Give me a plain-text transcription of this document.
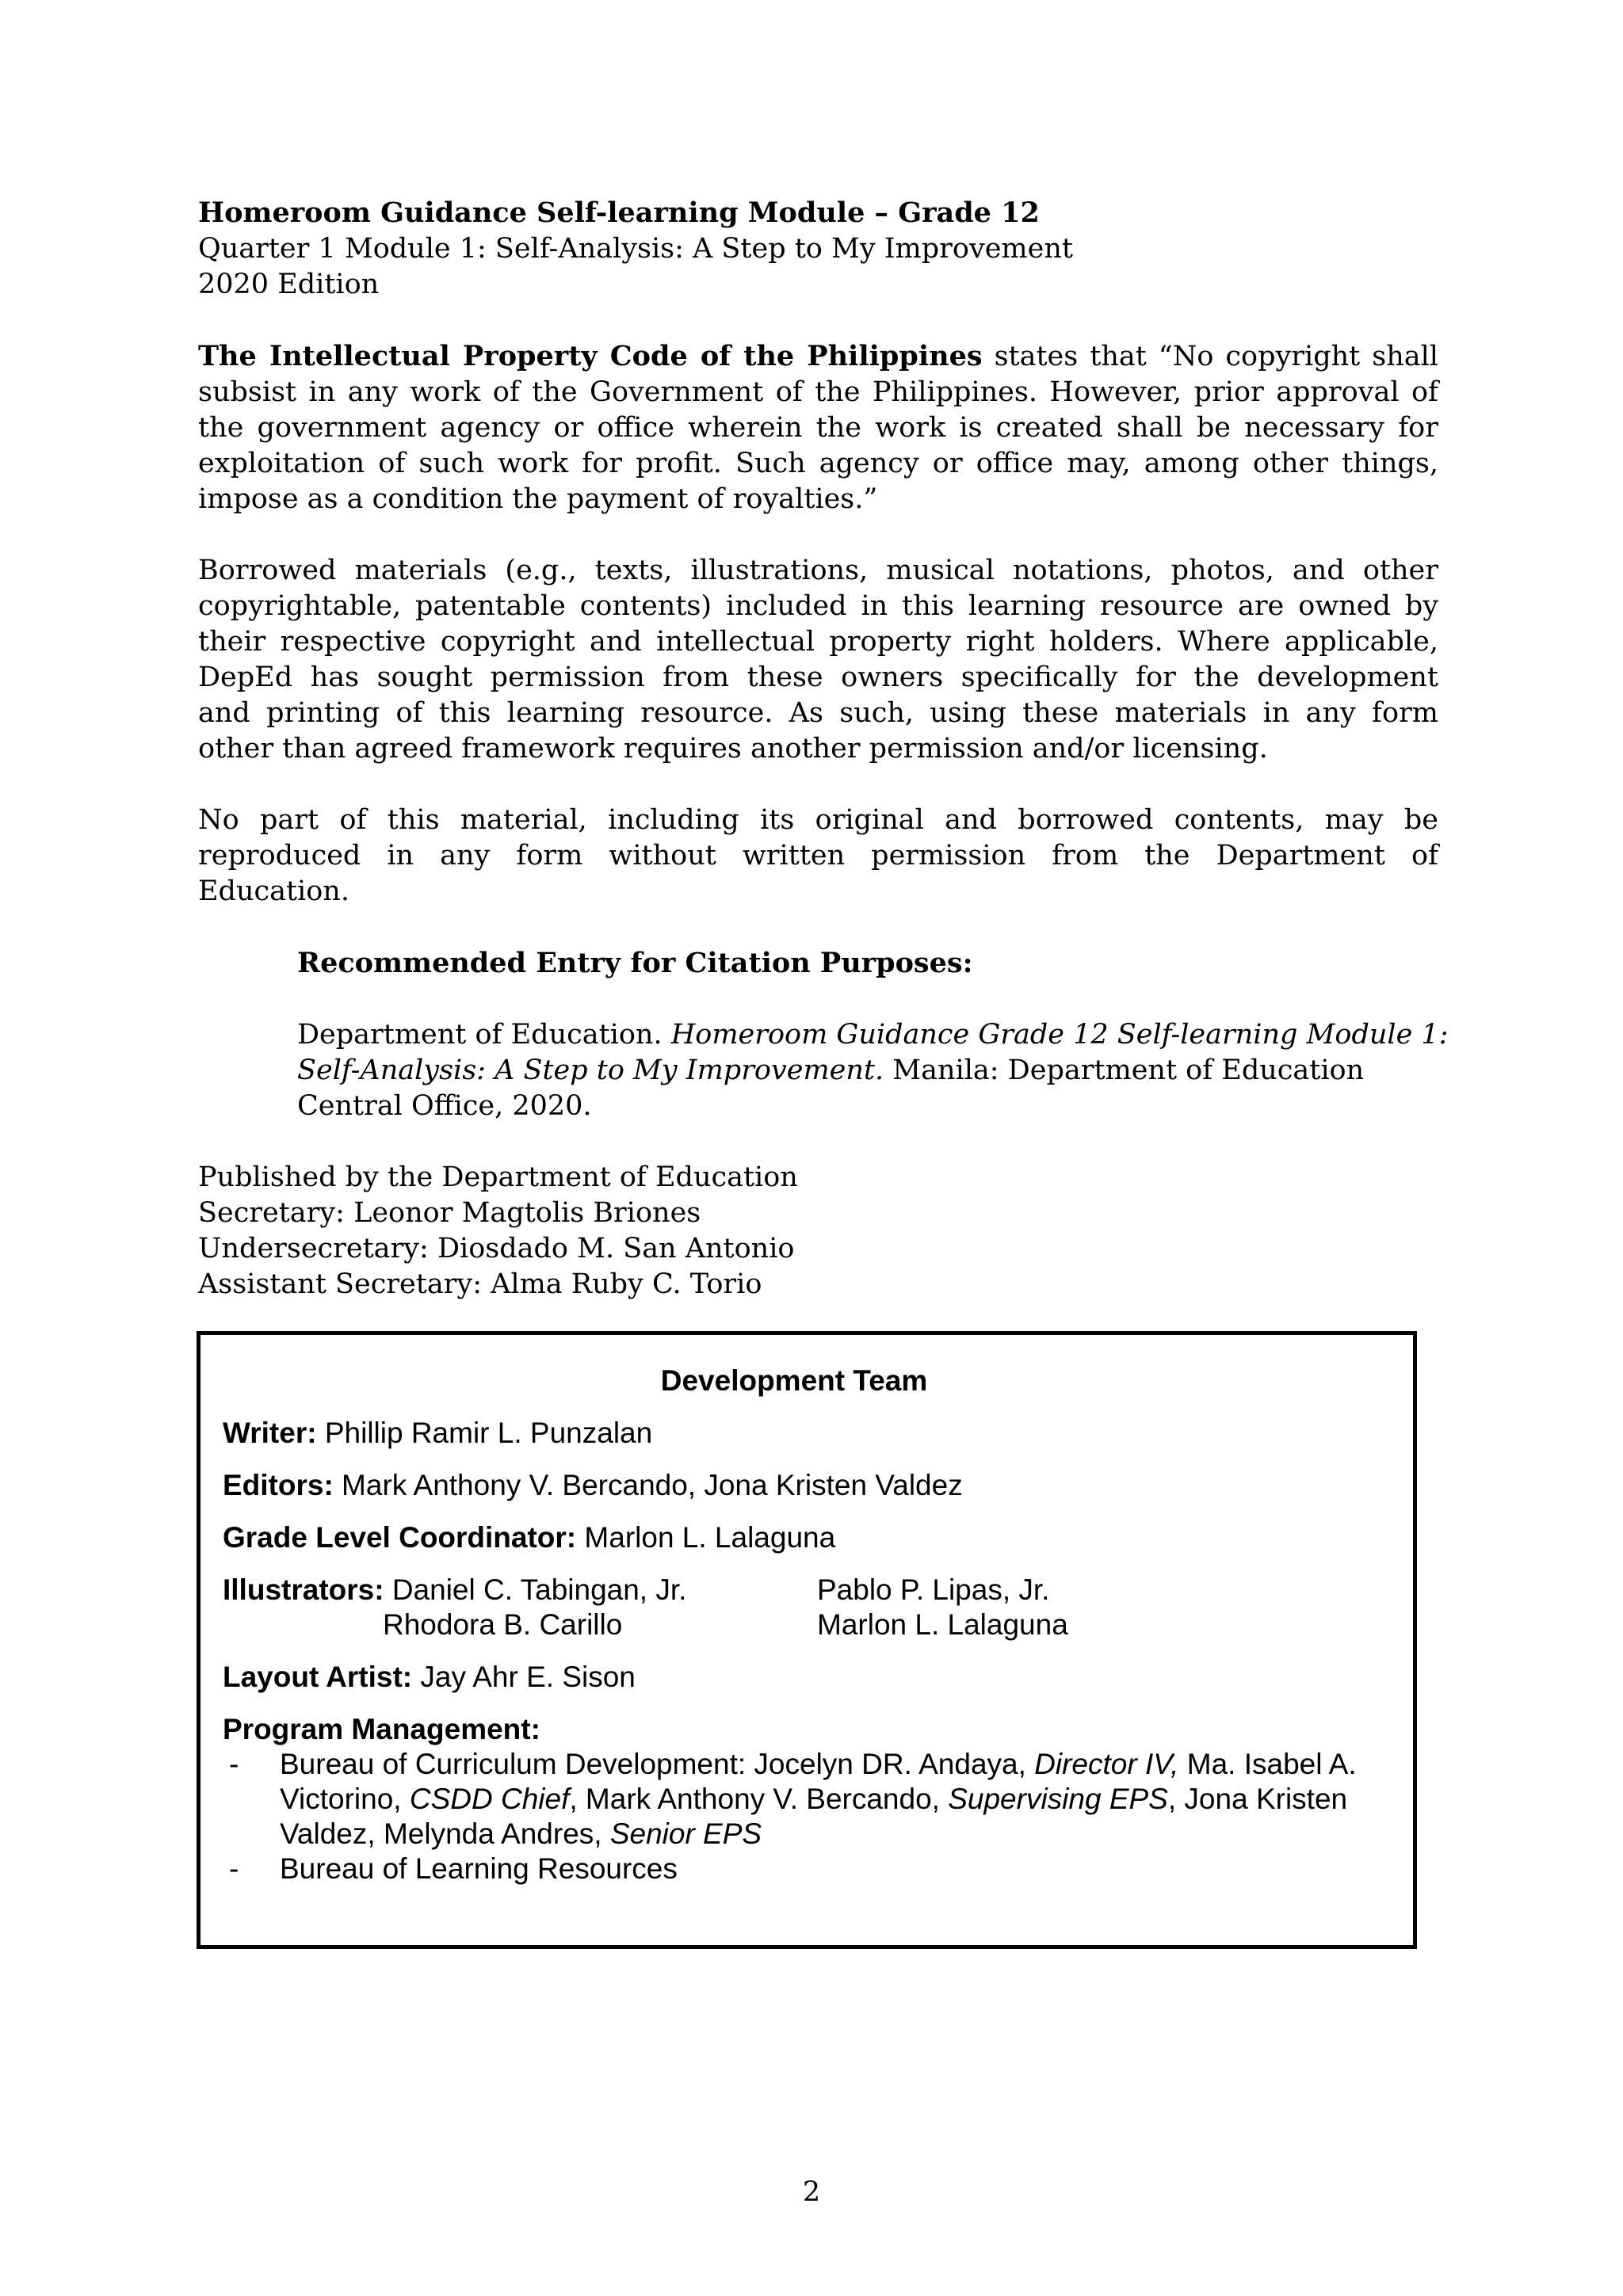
Homeroom Guidance Self-learning Module – Grade 12
Quarter 1 Module 1: Self-Analysis: A Step to My Improvement
2020 Edition
The Intellectual Property Code of the Philippines states that “No copyright shall
subsist in any work of the Government of the Philippines. However, prior approval of
the government agency or office wherein the work is created shall be necessary for
exploitation of such work for profit. Such agency or office may, among other things,
impose as a condition the payment of royalties.”
Borrowed materials (e.g., texts, illustrations, musical notations, photos, and other
copyrightable, patentable contents) included in this learning resource are owned by
their respective copyright and intellectual property right holders. Where applicable,
DepEd has sought permission from these owners specifically for the development
and printing of this learning resource. As such, using these materials in any form
other than agreed framework requires another permission and/or licensing.
No part of this material, including its original and borrowed contents, may be
reproduced in any form without written permission from the Department of
Education.
Recommended Entry for Citation Purposes:
Department of Education. Homeroom Guidance Grade 12 Self-learning Module 1:
Self-Analysis: A Step to My Improvement. Manila: Department of Education
Central Office, 2020.
Published by the Department of Education
Secretary: Leonor Magtolis Briones
Undersecretary: Diosdado M. San Antonio
Assistant Secretary: Alma Ruby C. Torio
Development Team
Writer: Phillip Ramir L. Punzalan
Editors: Mark Anthony V. Bercando, Jona Kristen Valdez
Grade Level Coordinator: Marlon L. Lalaguna
Illustrators: Daniel C. Tabingan, Jr.
Rhodora B. Carillo
Pablo P. Lipas, Jr.
Marlon L. Lalaguna
Layout Artist: Jay Ahr E. Sison
Program Management:
- Bureau of Curriculum Development: Jocelyn DR. Andaya, Director IV, Ma. Isabel A. Victorino, CSDD Chief, Mark Anthony V. Bercando, Supervising EPS, Jona Kristen Valdez, Melynda Andres, Senior EPS
- Bureau of Learning Resources
2
